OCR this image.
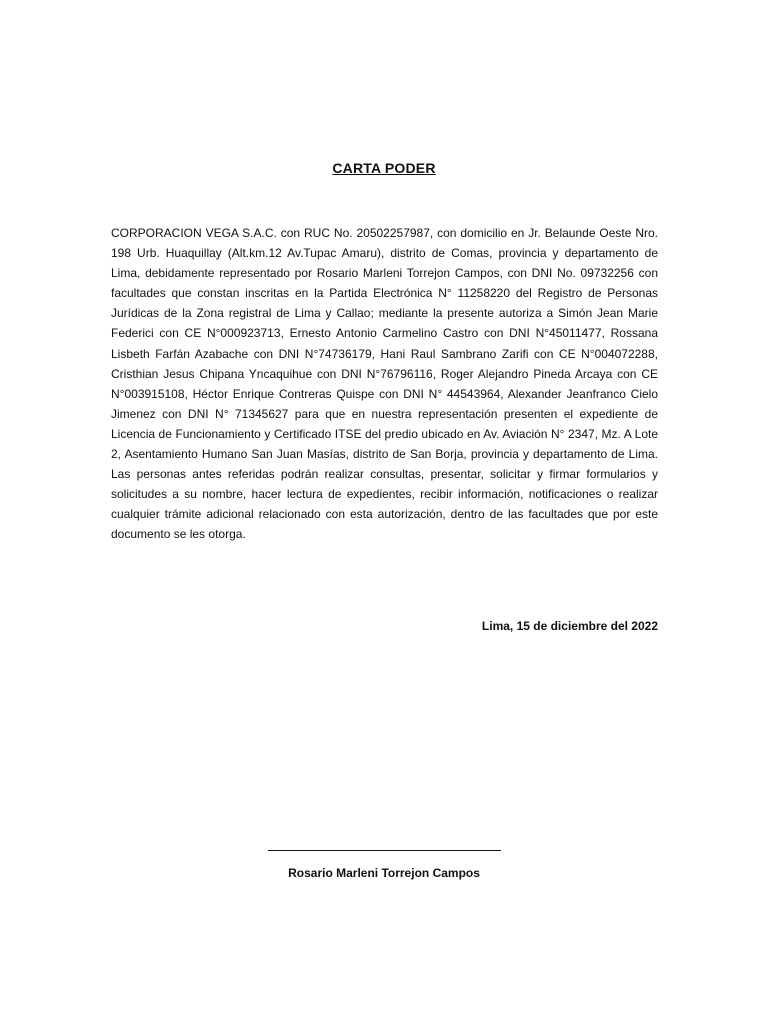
CARTA PODER

CORPORACION VEGA S.A.C. con RUC No. 20502257987, con domicilio en Jr. Belaunde Oeste Nro. 198 Urb. Huaquillay (Alt.km.12 Av.Tupac Amaru), distrito de Comas, provincia y departamento de Lima, debidamente representado por Rosario Marleni Torrejon Campos, con DNI No. 09732256 con facultades que constan inscritas en la Partida Electrónica N° 11258220 del Registro de Personas Jurídicas de la Zona registral de Lima y Callao; mediante la presente autoriza a Simón Jean Marie Federici con CE N°000923713, Ernesto Antonio Carmelino Castro con DNI N°45011477, Rossana Lisbeth Farfán Azabache con DNI N°74736179, Hani Raul Sambrano Zarifi con CE N°004072288, Cristhian Jesus Chipana Yncaquihue con DNI N°76796116, Roger Alejandro Pineda Arcaya con CE N°003915108, Héctor Enrique Contreras Quispe con DNI N° 44543964, Alexander Jeanfranco Cielo Jimenez con DNI N° 71345627 para que en nuestra representación presenten el expediente de Licencia de Funcionamiento y Certificado ITSE del predio ubicado en Av. Aviación N° 2347, Mz. A Lote 2, Asentamiento Humano San Juan Masías, distrito de San Borja, provincia y departamento de Lima. Las personas antes referidas podrán realizar consultas, presentar, solicitar y firmar formularios y solicitudes a su nombre, hacer lectura de expedientes, recibir información, notificaciones o realizar cualquier trámite adicional relacionado con esta autorización, dentro de las facultades que por este documento se les otorga.

Lima, 15 de diciembre del 2022
Rosario Marleni Torrejon Campos
